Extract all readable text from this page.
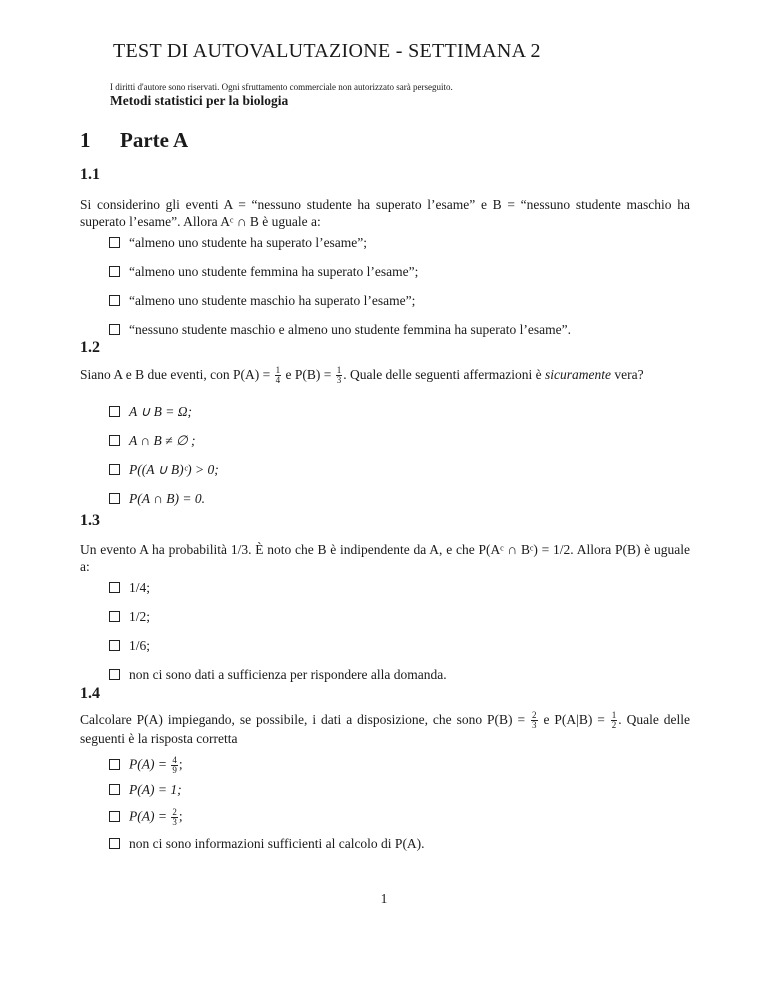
TEST DI AUTOVALUTAZIONE - SETTIMANA 2
I diritti d'autore sono riservati. Ogni sfruttamento commerciale non autorizzato sarà perseguito.
Metodi statistici per la biologia
1 Parte A
1.1

Si considerino gli eventi A = “nessuno studente ha superato l’esame” e B = “nessuno studente maschio ha superato l’esame”. Allora Aᶜ ∩ B è uguale a:

“almeno uno studente ha superato l’esame”;
“almeno uno studente femmina ha superato l’esame”;
“almeno uno studente maschio ha superato l’esame”;
“nessuno studente maschio e almeno uno studente femmina ha superato l’esame”.
1.2

Siano A e B due eventi, con $P(A) = \frac{1}{4}$ e $P(B) = \frac{1}{3}$ . Quale delle seguenti affermazioni è sicuramente vera?

A ∪ B = Ω;
A ∩ B ≠ ∅ ;
P((A ∪ B)ᶜ) > 0;
P(A ∩ B) = 0.
1.3

Un evento A ha probabilità 1/3. È noto che B è indipendente da A, e che P(Aᶜ ∩ Bᶜ) = 1/2. Allora P(B) è uguale a:

1/4;
1/2;
1/6;
non ci sono dati a sufficienza per rispondere alla domanda.
1.4

Calcolare P(A) impiegando, se possibile, i dati a disposizione, che sono $P(B) = \frac{2}{3}$ e $P(A|B) = \frac{1}{2}$ . Quale delle seguenti è la risposta corretta

$P(A) = \frac{4}{9}$ ;
P(A) = 1;
$P(A) = \frac{2}{3}$ ;
non ci sono informazioni sufficienti al calcolo di P(A).
1
